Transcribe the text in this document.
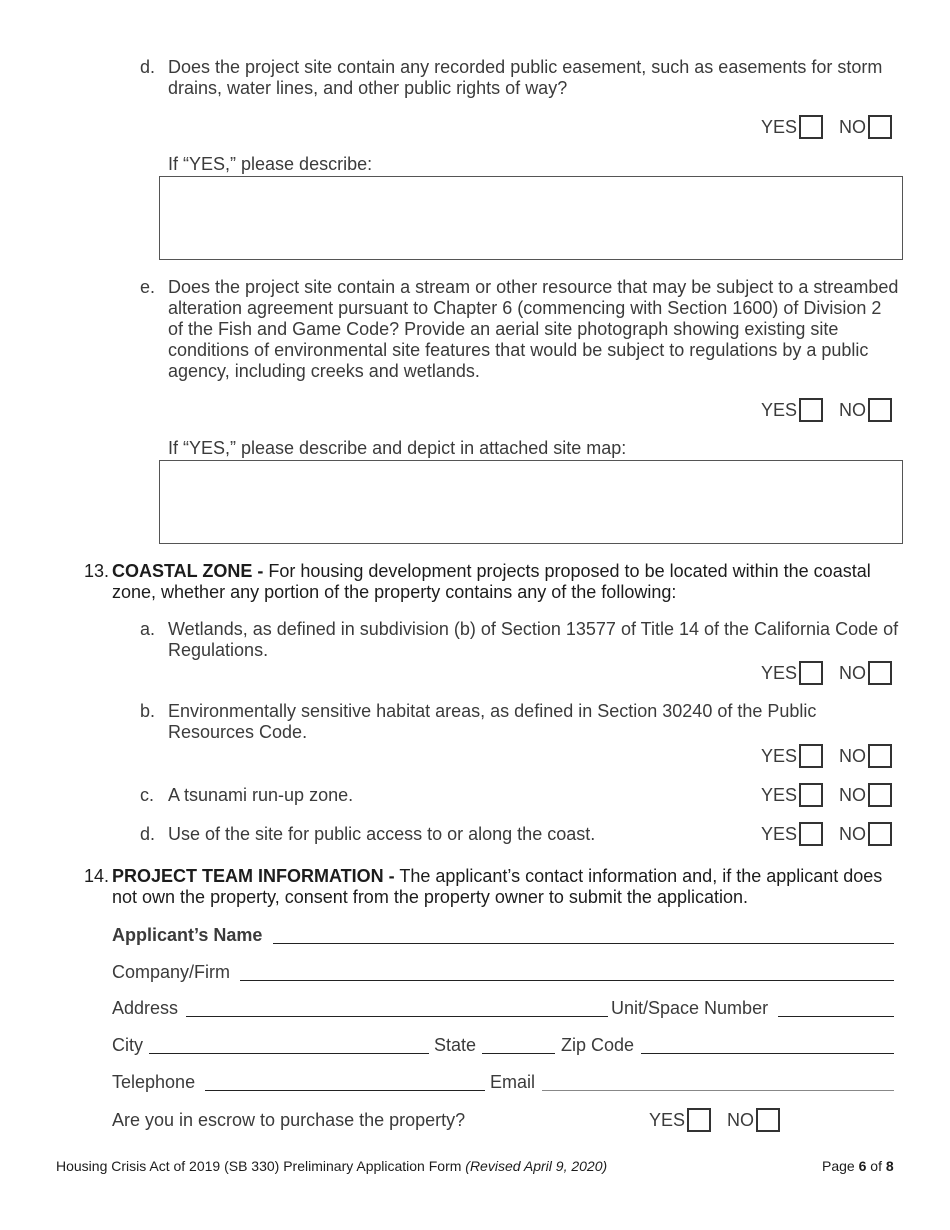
d. Does the project site contain any recorded public easement, such as easements for storm drains, water lines, and other public rights of way?
YES NO
If “YES,” please describe:
e. Does the project site contain a stream or other resource that may be subject to a streambed alteration agreement pursuant to Chapter 6 (commencing with Section 1600) of Division 2 of the Fish and Game Code? Provide an aerial site photograph showing existing site conditions of environmental site features that would be subject to regulations by a public agency, including creeks and wetlands.
YES NO
If “YES,” please describe and depict in attached site map:
13. COASTAL ZONE - For housing development projects proposed to be located within the coastal zone, whether any portion of the property contains any of the following:
a. Wetlands, as defined in subdivision (b) of Section 13577 of Title 14 of the California Code of Regulations.
YES NO
b. Environmentally sensitive habitat areas, as defined in Section 30240 of the Public Resources Code.
YES NO
c. A tsunami run-up zone.	YES NO
d. Use of the site for public access to or along the coast.	YES NO
14. PROJECT TEAM INFORMATION - The applicant’s contact information and, if the applicant does not own the property, consent from the property owner to submit the application.
Applicant’s Name
Company/Firm
Address	Unit/Space Number
City	State	Zip Code
Telephone	Email
Are you in escrow to purchase the property?	YES NO
Housing Crisis Act of 2019 (SB 330) Preliminary Application Form (Revised April 9, 2020)	Page 6 of 8
